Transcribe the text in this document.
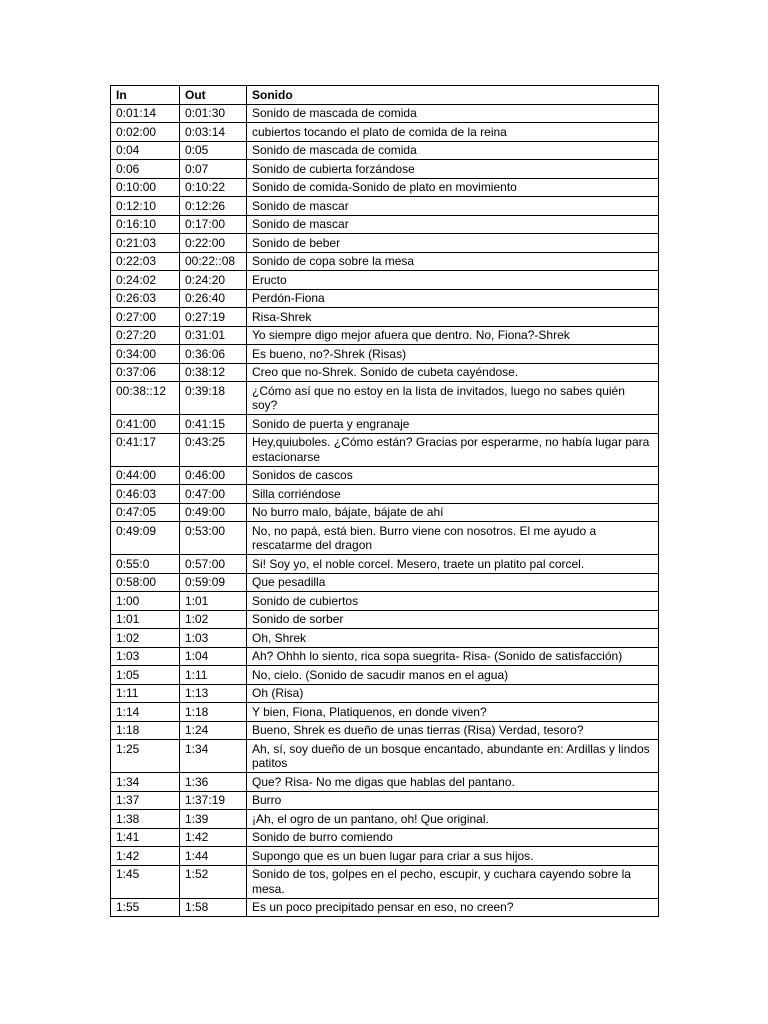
In	Out	Sonido
0:01:14	0:01:30	Sonido de mascada de comida
0:02:00	0:03:14	cubiertos tocando el plato de comida de la reina
0:04	0:05	Sonido de mascada de comida
0:06	0:07	Sonido de cubierta forzándose
0:10:00	0:10:22	Sonido de comida-Sonido de plato en movimiento
0:12:10	0:12:26	Sonido de mascar
0:16:10	0:17:00	Sonido de mascar
0:21:03	0:22:00	Sonido de beber
0:22:03	00:22::08	Sonido de copa sobre la mesa
0:24:02	0:24:20	Eructo
0:26:03	0:26:40	Perdón-Fiona
0:27:00	0:27:19	Risa-Shrek
0:27:20	0:31:01	Yo siempre digo mejor afuera que dentro. No, Fiona?-Shrek
0:34:00	0:36:06	Es bueno, no?-Shrek (Risas)
0:37:06	0:38:12	Creo que no-Shrek. Sonido de cubeta cayéndose.
00:38::12	0:39:18	¿Cómo así que no estoy en la lista de invitados, luego no sabes quién soy?
0:41:00	0:41:15	Sonido de puerta y engranaje
0:41:17	0:43:25	Hey,quiuboles. ¿Cómo están? Gracias por esperarme, no había lugar para estacionarse
0:44:00	0:46:00	Sonidos de cascos
0:46:03	0:47:00	Silla corriéndose
0:47:05	0:49:00	No burro malo, bájate, bájate de ahí
0:49:09	0:53:00	No, no papá, está bien. Burro viene con nosotros. El me ayudo a rescatarme del dragon
0:55:0	0:57:00	Si! Soy yo, el noble corcel. Mesero, traete un platito pal corcel.
0:58:00	0:59:09	Que pesadilla
1:00	1:01	Sonido de cubiertos
1:01	1:02	Sonido de sorber
1:02	1:03	Oh, Shrek
1:03	1:04	Ah? Ohhh lo siento, rica sopa suegrita- Risa- (Sonido de satisfacción)
1:05	1:11	No, cielo. (Sonido de sacudir manos en el agua)
1:11	1:13	Oh (Risa)
1:14	1:18	Y bien, Fiona, Platiquenos, en donde viven?
1:18	1:24	Bueno, Shrek es dueño de unas tierras (Risa) Verdad, tesoro?
1:25	1:34	Ah, sí, soy dueño de un bosque encantado, abundante en: Ardillas y lindos patitos
1:34	1:36	Que? Risa- No me digas que hablas del pantano.
1:37	1:37:19	Burro
1:38	1:39	¡Ah, el ogro de un pantano, oh! Que original.
1:41	1:42	Sonido de burro comiendo
1:42	1:44	Supongo que es un buen lugar para criar a sus hijos.
1:45	1:52	Sonido de tos, golpes en el pecho, escupir, y cuchara cayendo sobre la mesa.
1:55	1:58	Es un poco precipitado pensar en eso, no creen?
